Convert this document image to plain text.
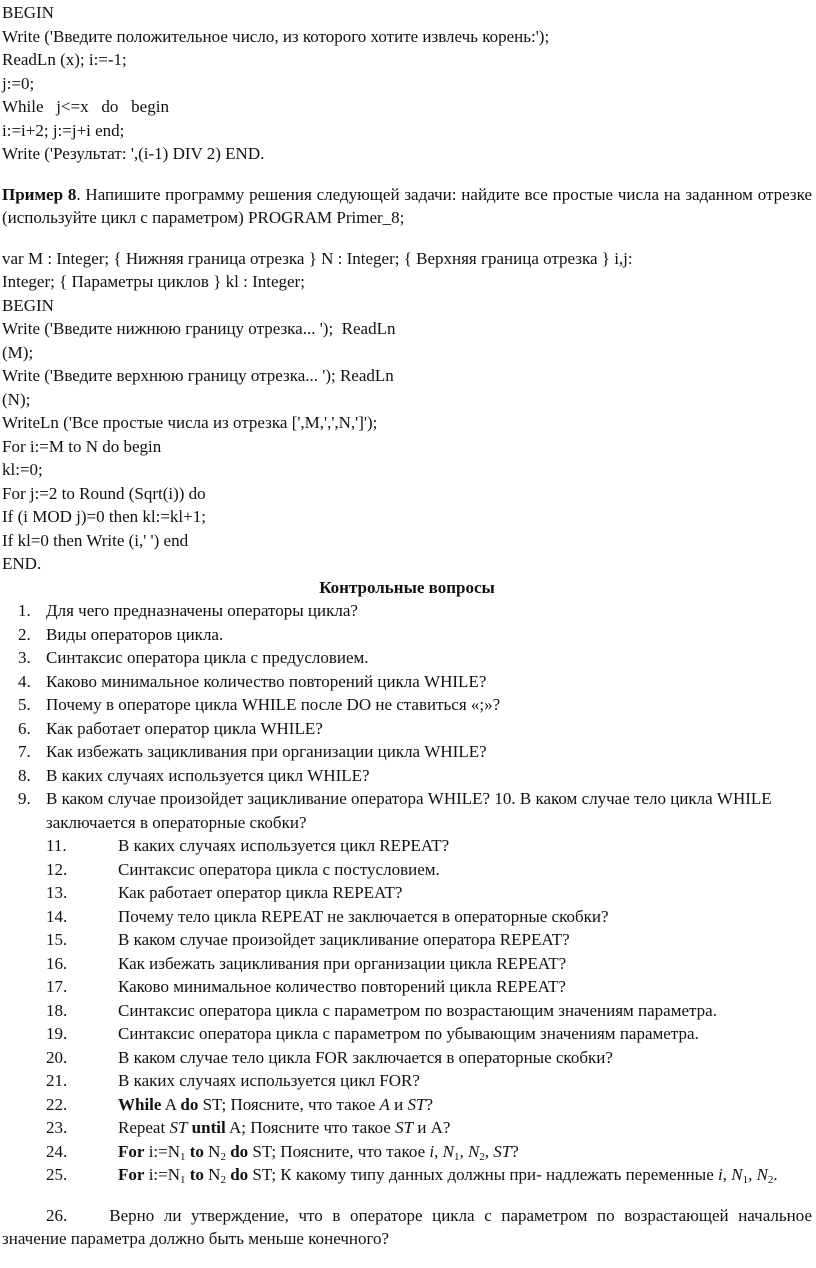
BEGIN

Write ('Введите положительное число, из которого хотите извлечь корень:');

ReadLn (x); i:=-1;

j:=0;

While   j<=x   do   begin

i:=i+2; j:=j+i end;

Write ('Результат: ',(i-1) DIV 2) END.

Пример 8. Напишите программу решения следующей задачи: найдите все простые числа на заданном отрезке (используйте цикл с параметром) PROGRAM Primer_8;

var M : Integer; { Нижняя граница отрезка } N : Integer; { Верхняя граница отрезка } i,j:

Integer; { Параметры циклов } kl : Integer;

BEGIN

Write ('Введите нижнюю границу отрезка... ');  ReadLn

(M);

Write ('Введите верхнюю границу отрезка... '); ReadLn

(N);

WriteLn ('Все простые числа из отрезка [',M,',',N,']');

For i:=M to N do begin

kl:=0;

For j:=2 to Round (Sqrt(i)) do

If (i MOD j)=0 then kl:=kl+1;

If kl=0 then Write (i,' ') end

END.

Контрольные вопросы

1. Для чего предназначены операторы цикла?
2. Виды операторов цикла.
3. Синтаксис оператора цикла с предусловием.
4. Каково минимальное количество повторений цикла WHILE?
5. Почему в операторе цикла WHILE после DO не ставиться «;»?
6. Как работает оператор цикла WHILE?
7. Как избежать зацикливания при организации цикла WHILE?
8. В каких случаях используется цикл WHILE?
9. В каком случае произойдет зацикливание оператора WHILE? 10. В каком случае тело цикла WHILE заключается в операторные скобки?
11.	В каких случаях используется цикл REPEAT?
12.	Синтаксис оператора цикла с постусловием.
13.	Как работает оператор цикла REPEAT?
14.	Почему тело цикла REPEAT не заключается в операторные скобки?
15.	В каком случае произойдет зацикливание оператора REPEAT?
16.	Как избежать зацикливания при организации цикла REPEAT?
17.	Каково минимальное количество повторений цикла REPEAT?
18.	Синтаксис оператора цикла с параметром по возрастающим значениям параметра.
19.	Синтаксис оператора цикла с параметром по убывающим значениям параметра.
20.	В каком случае тело цикла FOR заключается в операторные скобки?
21.	В каких случаях используется цикл FOR?
22.	While A do ST; Поясните, что такое A и ST?
23.	Repeat ST until A; Поясните что такое ST и A?
24.	For $i:=N_1$ to $N_2$ do ST; Поясните, что такое i, $N_1$, $N_2$, ST?
25.	For $i:=N_1$ to $N_2$ do ST; К какому типу данных должны при- надлежать переменные i, $N_1$, $N_2$.

26. Верно ли утверждение, что в операторе цикла с параметром по возрастающей начальное значение параметра должно быть меньше конечного?
